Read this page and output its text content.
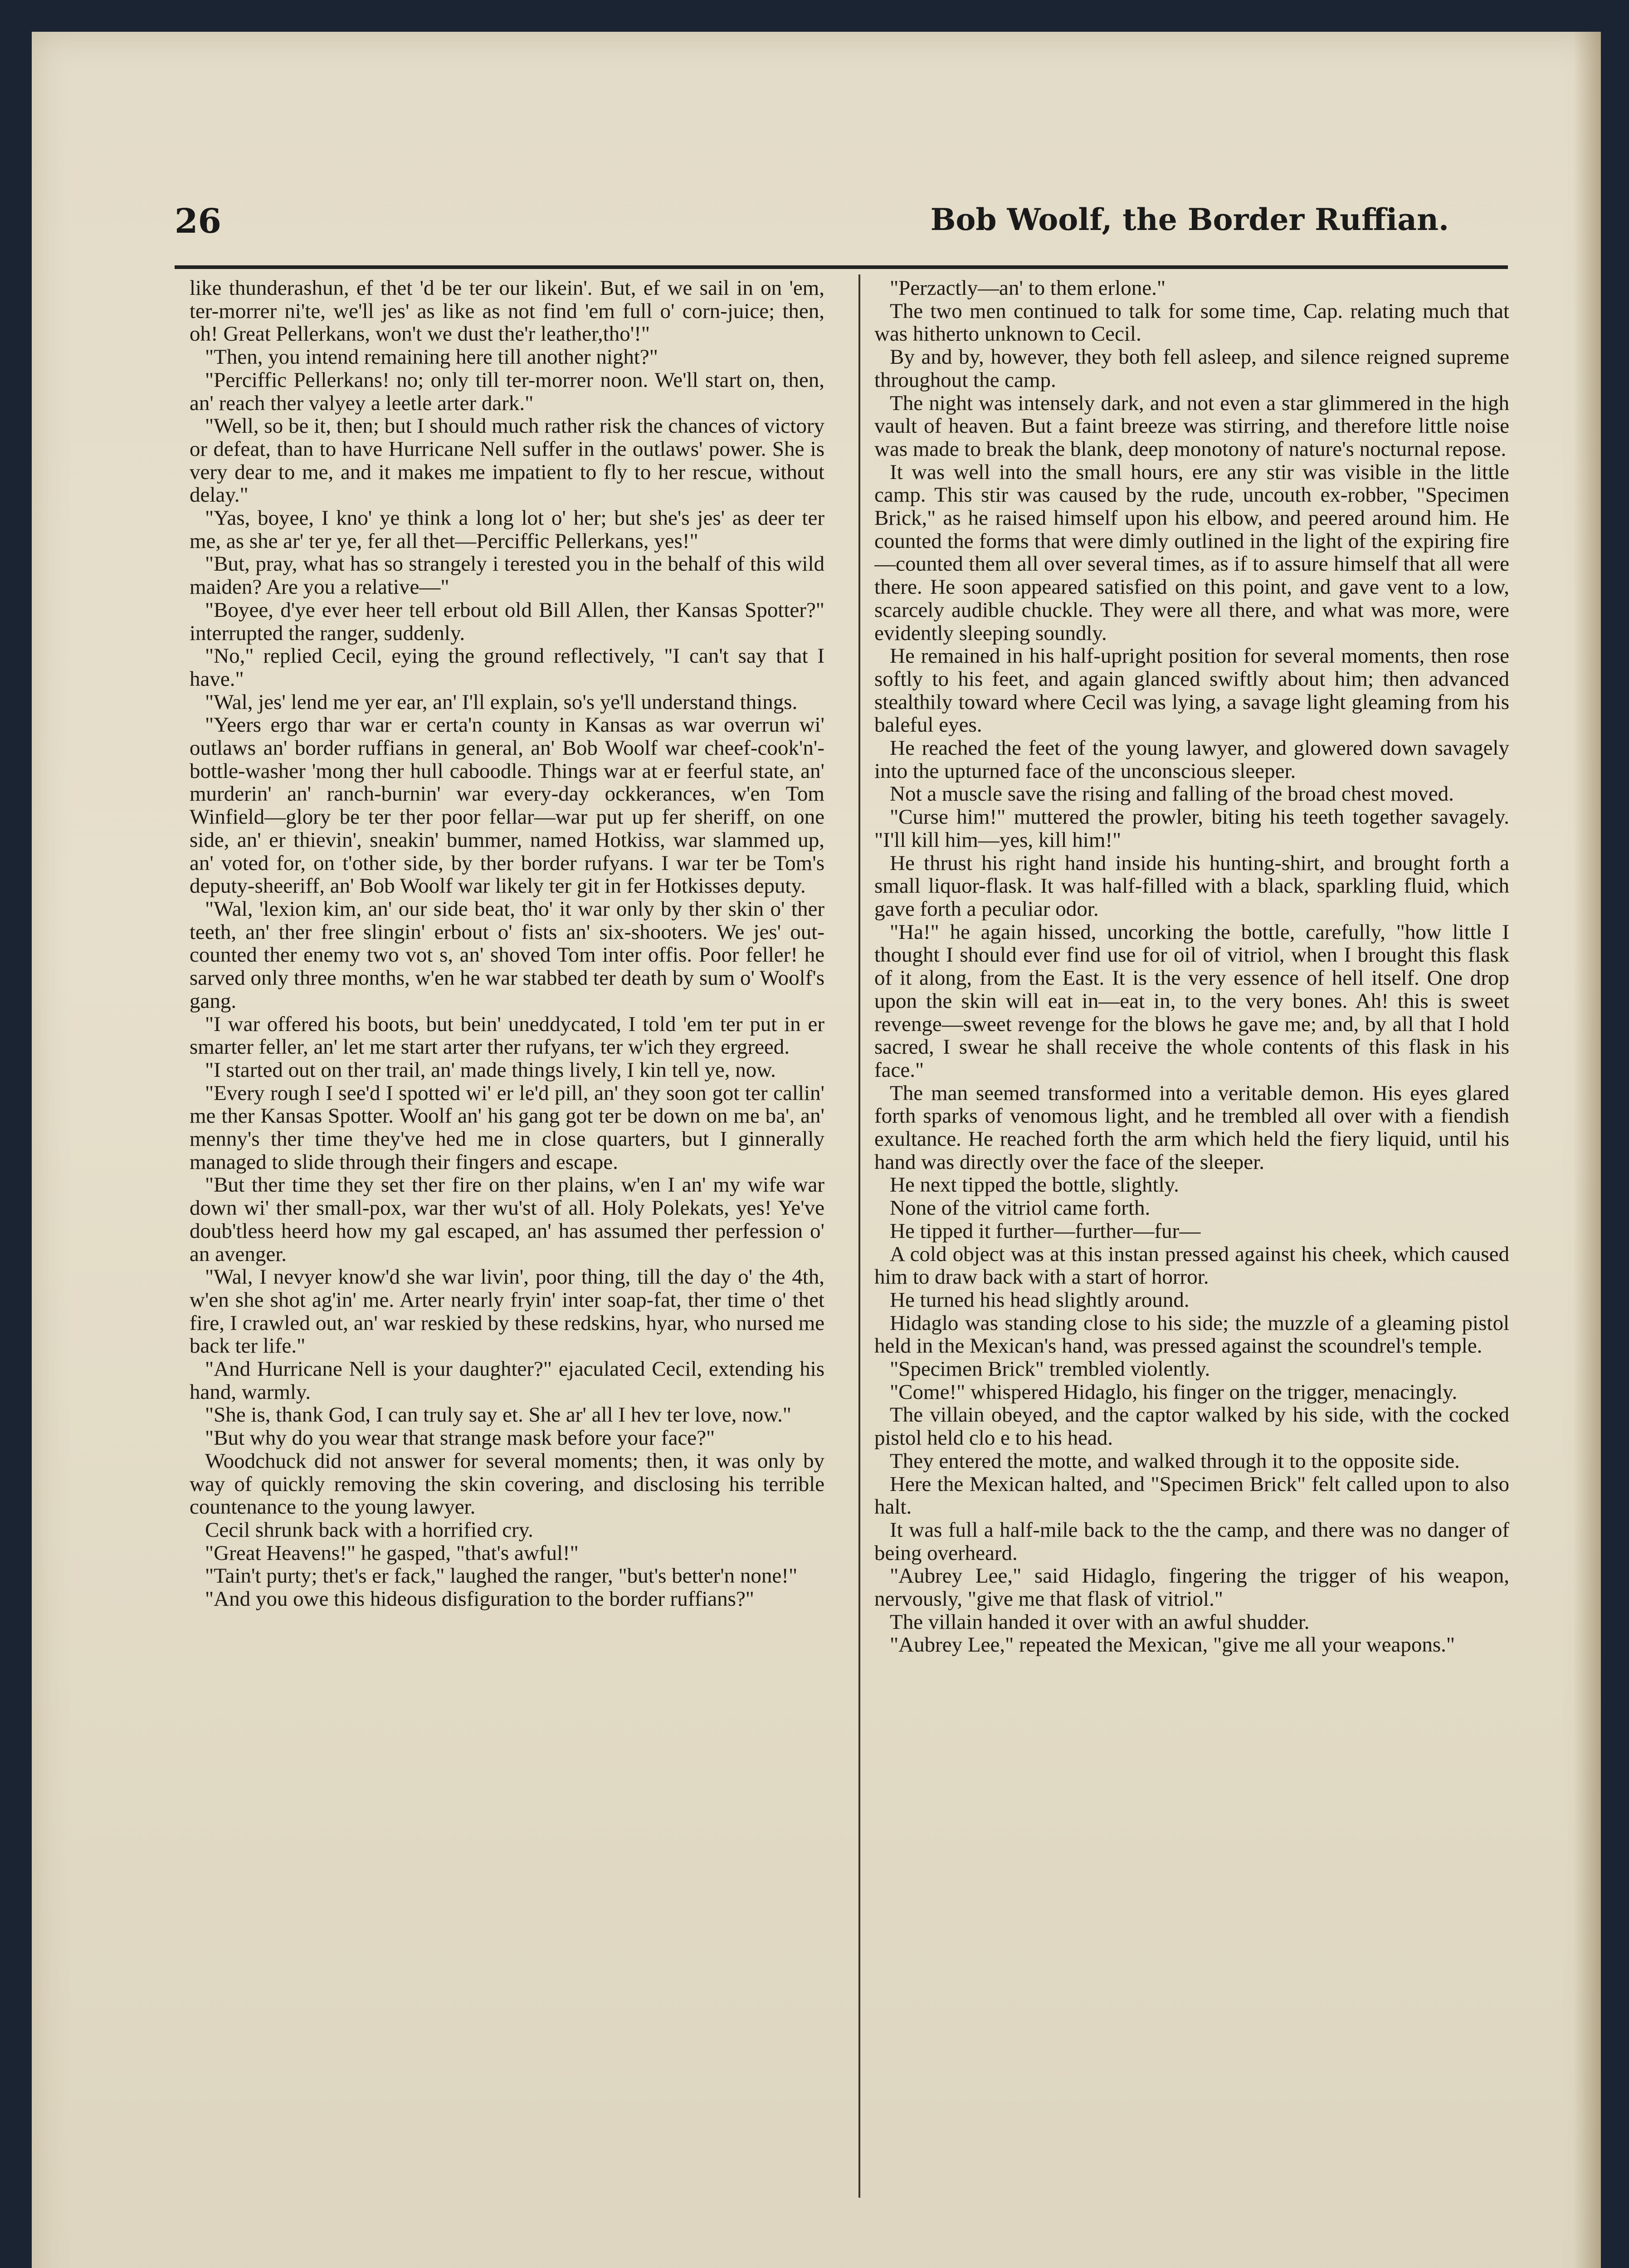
26	Bob Woolf, the Border Ruffian.

like thunderashun, ef thet 'd be ter our likein'. But, ef we sail in on 'em, ter-morrer ni'te, we'll jes' as like as not find 'em full o' corn-juice; then, oh! Great Pellerkans, won't we dust the'r leather,tho'!"

"Then, you intend remaining here till another night?"

"Perciffic Pellerkans! no; only till ter-morrer noon. We'll start on, then, an' reach ther valyey a leetle arter dark."

"Well, so be it, then; but I should much rather risk the chances of victory or defeat, than to have Hurricane Nell suffer in the outlaws' power. She is very dear to me, and it makes me impatient to fly to her rescue, without delay."

"Yas, boyee, I kno' ye think a long lot o' her; but she's jes' as deer ter me, as she ar' ter ye, fer all thet—Perciffic Pellerkans, yes!"

"But, pray, what has so strangely i terested you in the behalf of this wild maiden? Are you a relative—"

"Boyee, d'ye ever heer tell erbout old Bill Allen, ther Kansas Spotter?" interrupted the ranger, suddenly.

"No," replied Cecil, eying the ground reflectively, "I can't say that I have."

"Wal, jes' lend me yer ear, an' I'll explain, so's ye'll understand things.

"Yeers ergo thar war er certa'n county in Kansas as war overrun wi' outlaws an' border ruffians in general, an' Bob Woolf war cheef-cook'n'-bottle-washer 'mong ther hull caboodle. Things war at er feerful state, an' murderin' an' ranch-burnin' war every-day ockkerances, w'en Tom Winfield—glory be ter ther poor fellar—war put up fer sheriff, on one side, an' er thievin', sneakin' bummer, named Hotkiss, war slammed up, an' voted for, on t'other side, by ther border rufyans. I war ter be Tom's deputy-sheeriff, an' Bob Woolf war likely ter git in fer Hotkisses deputy.

"Wal, 'lexion kim, an' our side beat, tho' it war only by ther skin o' ther teeth, an' ther free slingin' erbout o' fists an' six-shooters. We jes' out-counted ther enemy two vot s, an' shoved Tom inter offis. Poor feller! he sarved only three months, w'en he war stabbed ter death by sum o' Woolf's gang.

"I war offered his boots, but bein' uneddycated, I told 'em ter put in er smarter feller, an' let me start arter ther rufyans, ter w'ich they ergreed.

"I started out on ther trail, an' made things lively, I kin tell ye, now.

"Every rough I see'd I spotted wi' er le'd pill, an' they soon got ter callin' me ther Kansas Spotter. Woolf an' his gang got ter be down on me ba', an' menny's ther time they've hed me in close quarters, but I ginnerally managed to slide through their fingers and escape.

"But ther time they set ther fire on ther plains, w'en I an' my wife war down wi' ther small-pox, war ther wu'st of all. Holy Polekats, yes! Ye've doub'tless heerd how my gal escaped, an' has assumed ther perfession o' an avenger.

"Wal, I nevyer know'd she war livin', poor thing, till the day o' the 4th, w'en she shot ag'in' me. Arter nearly fryin' inter soap-fat, ther time o' thet fire, I crawled out, an' war reskied by these redskins, hyar, who nursed me back ter life."

"And Hurricane Nell is your daughter?" ejaculated Cecil, extending his hand, warmly.

"She is, thank God, I can truly say et. She ar' all I hev ter love, now."

"But why do you wear that strange mask before your face?"

Woodchuck did not answer for several moments; then, it was only by way of quickly removing the skin covering, and disclosing his terrible countenance to the young lawyer.

Cecil shrunk back with a horrified cry.

"Great Heavens!" he gasped, "that's awful!"

"Tain't purty; thet's er fack," laughed the ranger, "but's better'n none!"

"And you owe this hideous disfiguration to the border ruffians?"

"Perzactly—an' to them erlone."

The two men continued to talk for some time, Cap. relating much that was hitherto unknown to Cecil.

By and by, however, they both fell asleep, and silence reigned supreme throughout the camp.

The night was intensely dark, and not even a star glimmered in the high vault of heaven. But a faint breeze was stirring, and therefore little noise was made to break the blank, deep monotony of nature's nocturnal repose.

It was well into the small hours, ere any stir was visible in the little camp. This stir was caused by the rude, uncouth ex-robber, "Specimen Brick," as he raised himself upon his elbow, and peered around him. He counted the forms that were dimly outlined in the light of the expiring fire—counted them all over several times, as if to assure himself that all were there. He soon appeared satisfied on this point, and gave vent to a low, scarcely audible chuckle. They were all there, and what was more, were evidently sleeping soundly.

He remained in his half-upright position for several moments, then rose softly to his feet, and again glanced swiftly about him; then advanced stealthily toward where Cecil was lying, a savage light gleaming from his baleful eyes.

He reached the feet of the young lawyer, and glowered down savagely into the upturned face of the unconscious sleeper.

Not a muscle save the rising and falling of the broad chest moved.

"Curse him!" muttered the prowler, biting his teeth together savagely. "I'll kill him—yes, kill him!"

He thrust his right hand inside his hunting-shirt, and brought forth a small liquor-flask. It was half-filled with a black, sparkling fluid, which gave forth a peculiar odor.

"Ha!" he again hissed, uncorking the bottle, carefully, "how little I thought I should ever find use for oil of vitriol, when I brought this flask of it along, from the East. It is the very essence of hell itself. One drop upon the skin will eat in—eat in, to the very bones. Ah! this is sweet revenge—sweet revenge for the blows he gave me; and, by all that I hold sacred, I swear he shall receive the whole contents of this flask in his face."

The man seemed transformed into a veritable demon. His eyes glared forth sparks of venomous light, and he trembled all over with a fiendish exultance. He reached forth the arm which held the fiery liquid, until his hand was directly over the face of the sleeper.

He next tipped the bottle, slightly.

None of the vitriol came forth.

He tipped it further—further—fur—

A cold object was at this instan pressed against his cheek, which caused him to draw back with a start of horror.

He turned his head slightly around.

Hidaglo was standing close to his side; the muzzle of a gleaming pistol held in the Mexican's hand, was pressed against the scoundrel's temple.

"Specimen Brick" trembled violently.

"Come!" whispered Hidaglo, his finger on the trigger, menacingly.

The villain obeyed, and the captor walked by his side, with the cocked pistol held clo e to his head.

They entered the motte, and walked through it to the opposite side.

Here the Mexican halted, and "Specimen Brick" felt called upon to also halt.

It was full a half-mile back to the the camp, and there was no danger of being overheard.

"Aubrey Lee," said Hidaglo, fingering the trigger of his weapon, nervously, "give me that flask of vitriol."

The villain handed it over with an awful shudder.

"Aubrey Lee," repeated the Mexican, "give me all your weapons."
